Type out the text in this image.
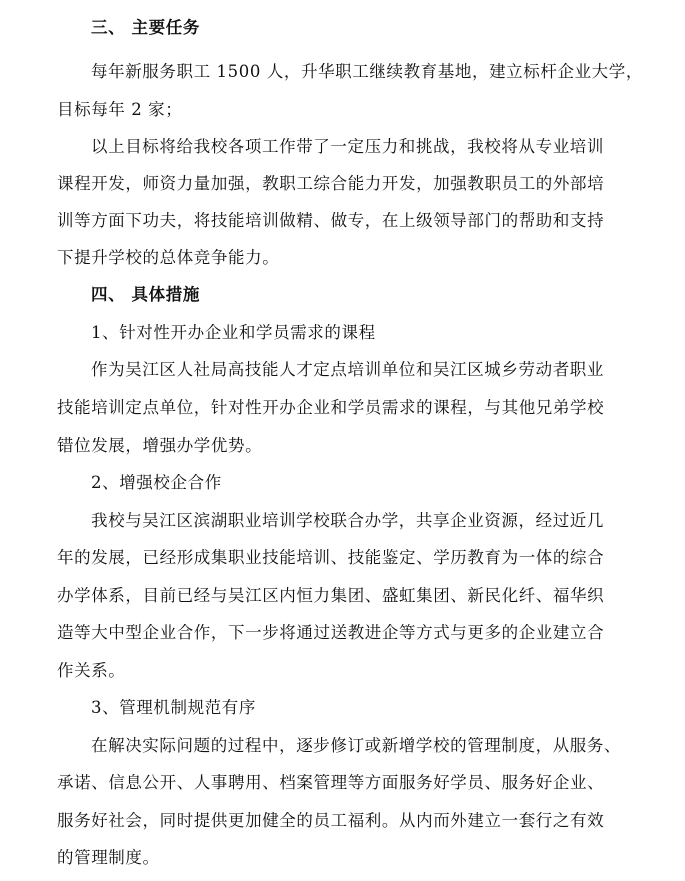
三、 主要任务
每年新服务职工 1500 人，升华职工继续教育基地，建立标杆企业大学，
目标每年 2 家；
以上目标将给我校各项工作带了一定压力和挑战，我校将从专业培训
课程开发，师资力量加强，教职工综合能力开发，加强教职员工的外部培
训等方面下功夫，将技能培训做精、做专，在上级领导部门的帮助和支持
下提升学校的总体竞争能力。
四、 具体措施
1、针对性开办企业和学员需求的课程
作为吴江区人社局高技能人才定点培训单位和吴江区城乡劳动者职业
技能培训定点单位，针对性开办企业和学员需求的课程，与其他兄弟学校
错位发展，增强办学优势。
2、增强校企合作
我校与吴江区滨湖职业培训学校联合办学，共享企业资源，经过近几
年的发展，已经形成集职业技能培训、技能鉴定、学历教育为一体的综合
办学体系，目前已经与吴江区内恒力集团、盛虹集团、新民化纤、福华织
造等大中型企业合作，下一步将通过送教进企等方式与更多的企业建立合
作关系。
3、管理机制规范有序
在解决实际问题的过程中，逐步修订或新增学校的管理制度，从服务、
承诺、信息公开、人事聘用、档案管理等方面服务好学员、服务好企业、
服务好社会，同时提供更加健全的员工福利。从内而外建立一套行之有效
的管理制度。
